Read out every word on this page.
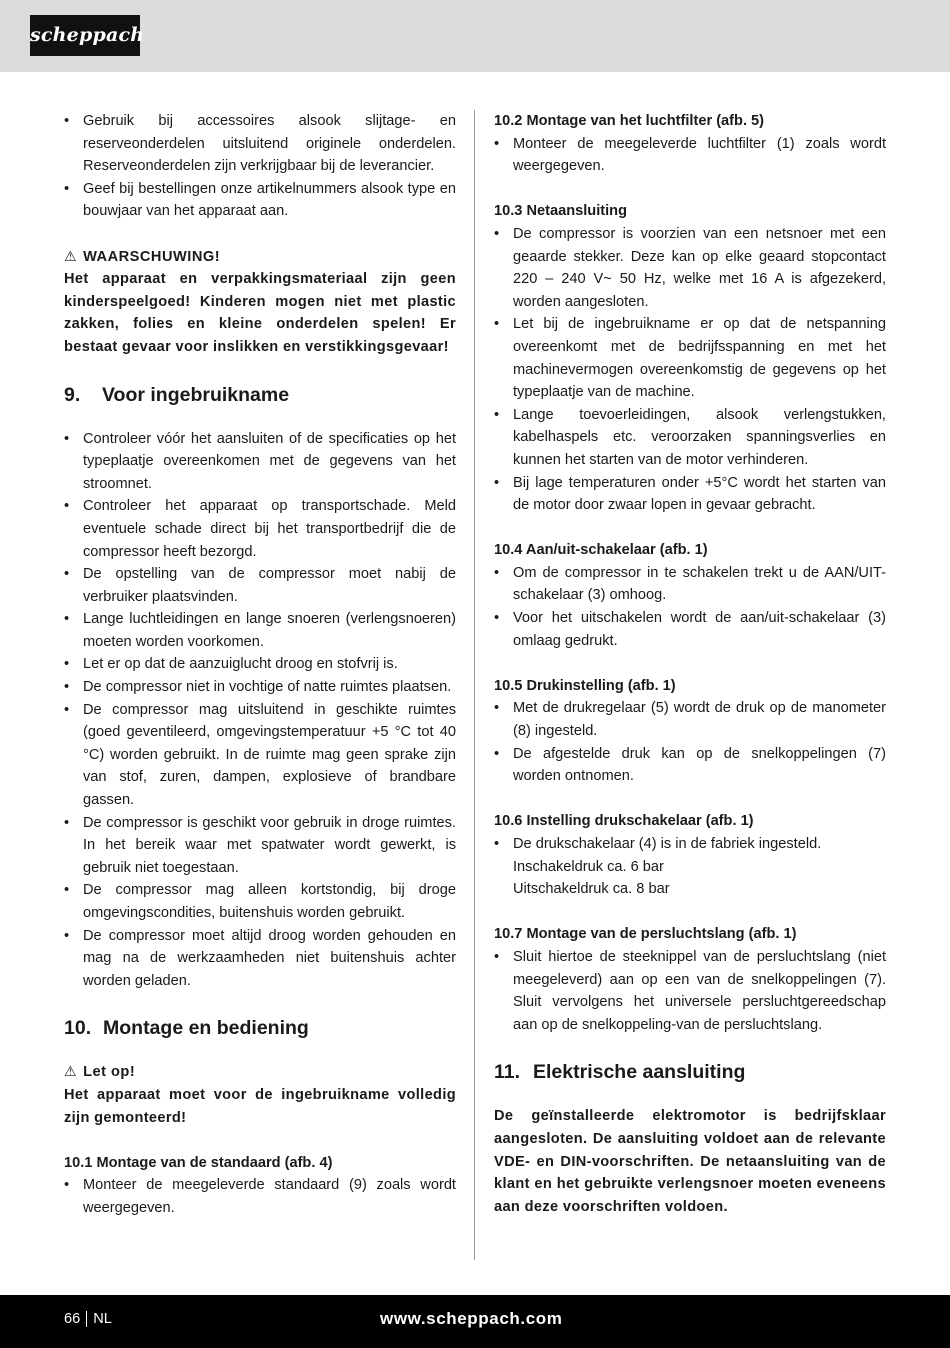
scheppach
• Gebruik bij accessoires alsook slijtage- en reserveonderdelen uitsluitend originele onderdelen. Reserveonderdelen zijn verkrijgbaar bij de leverancier.
• Geef bij bestellingen onze artikelnummers alsook type en bouwjaar van het apparaat aan.
⚠ WAARSCHUWING!

Het apparaat en verpakkingsmateriaal zijn geen kinderspeelgoed! Kinderen mogen niet met plastic zakken, folies en kleine onderdelen spelen! Er bestaat gevaar voor inslikken en verstikkingsgevaar!

9.	Voor ingebruikname
• Controleer vóór het aansluiten of de specificaties op het typeplaatje overeenkomen met de gegevens van het stroomnet.
• Controleer het apparaat op transportschade. Meld eventuele schade direct bij het transportbedrijf die de compressor heeft bezorgd.
• De opstelling van de compressor moet nabij de verbruiker plaatsvinden.
• Lange luchtleidingen en lange snoeren (verlengsnoeren) moeten worden voorkomen.
• Let er op dat de aanzuiglucht droog en stofvrij is.
• De compressor niet in vochtige of natte ruimtes plaatsen.
• De compressor mag uitsluitend in geschikte ruimtes (goed geventileerd, omgevingstemperatuur +5 °C tot 40 °C) worden gebruikt. In de ruimte mag geen sprake zijn van stof, zuren, dampen, explosieve of brandbare gassen.
• De compressor is geschikt voor gebruik in droge ruimtes. In het bereik waar met spatwater wordt gewerkt, is gebruik niet toegestaan.
• De compressor mag alleen kortstondig, bij droge omgevingscondities, buitenshuis worden gebruikt.
• De compressor moet altijd droog worden gehouden en mag na de werkzaamheden niet buitenshuis achter worden geladen.
10. Montage en bediening
⚠ Let op!

Het apparaat moet voor de ingebruikname volledig zijn gemonteerd!

10.1 Montage van de standaard (afb. 4)
• Monteer de meegeleverde standaard (9) zoals wordt weergegeven.
10.2 Montage van het luchtfilter (afb. 5)
• Monteer de meegeleverde luchtfilter (1) zoals wordt weergegeven.
10.3 Netaansluiting
• De compressor is voorzien van een netsnoer met een geaarde stekker. Deze kan op elke geaard stopcontact 220 – 240 V~ 50 Hz, welke met 16 A is afgezekerd, worden aangesloten.
• Let bij de ingebruikname er op dat de netspanning overeenkomt met de bedrijfsspanning en met het machinevermogen overeenkomstig de gegevens op het typeplaatje van de machine.
• Lange toevoerleidingen, alsook verlengstukken, kabelhaspels etc. veroorzaken spanningsverlies en kunnen het starten van de motor verhinderen.
• Bij lage temperaturen onder +5°C wordt het starten van de motor door zwaar lopen in gevaar gebracht.
10.4 Aan/uit-schakelaar (afb. 1)
• Om de compressor in te schakelen trekt u de AAN/UIT-schakelaar (3) omhoog.
• Voor het uitschakelen wordt de aan/uit-schakelaar (3) omlaag gedrukt.
10.5 Drukinstelling (afb. 1)
• Met de drukregelaar (5) wordt de druk op de manometer (8) ingesteld.
• De afgestelde druk kan op de snelkoppelingen (7) worden ontnomen.
10.6 Instelling drukschakelaar (afb. 1)
• De drukschakelaar (4) is in de fabriek ingesteld.
Inschakeldruk ca. 6 bar
Uitschakeldruk ca. 8 bar
10.7 Montage van de persluchtslang (afb. 1)
• Sluit hiertoe de steeknippel van de persluchtslang (niet meegeleverd) aan op een van de snelkoppelingen (7). Sluit vervolgens het universele persluchtgereedschap aan op de snelkoppeling-van de persluchtslang.
11. Elektrische aansluiting

De geïnstalleerde elektromotor is bedrijfsklaar aangesloten. De aansluiting voldoet aan de relevante VDE- en DIN-voorschriften. De netaansluiting van de klant en het gebruikte verlengsnoer moeten eveneens aan deze voorschriften voldoen.

66 NL	www.scheppach.com
